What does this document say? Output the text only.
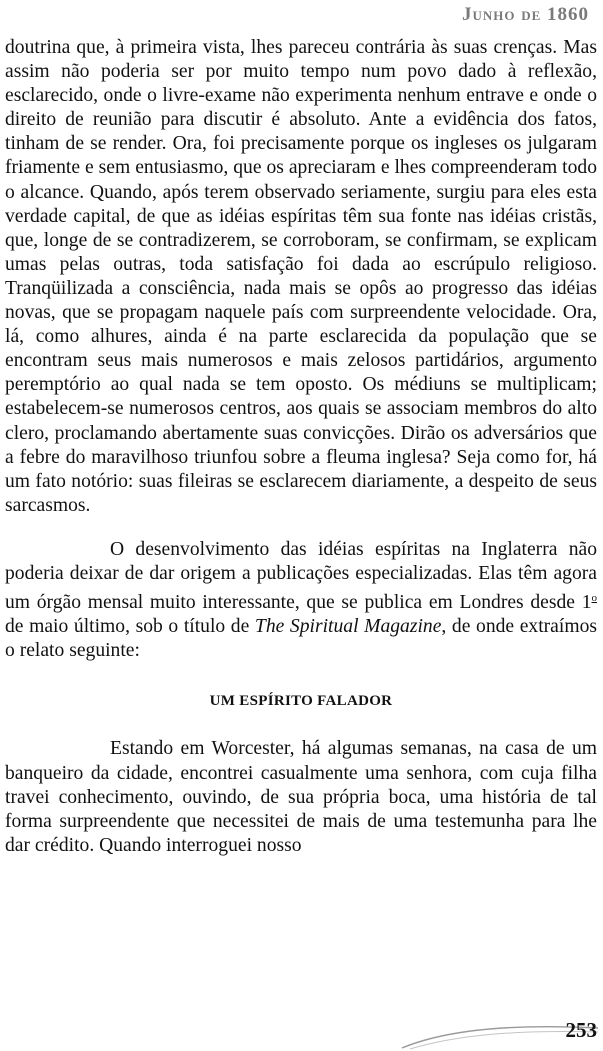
Junho de 1860

doutrina que, à primeira vista, lhes pareceu contrária às suas crenças. Mas assim não poderia ser por muito tempo num povo dado à reflexão, esclarecido, onde o livre-exame não experimenta nenhum entrave e onde o direito de reunião para discutir é absoluto. Ante a evidência dos fatos, tinham de se render. Ora, foi precisamente porque os ingleses os julgaram friamente e sem entusiasmo, que os apreciaram e lhes compreenderam todo o alcance. Quando, após terem observado seriamente, surgiu para eles esta verdade capital, de que as idéias espíritas têm sua fonte nas idéias cristãs, que, longe de se contradizerem, se corroboram, se confirmam, se explicam umas pelas outras, toda satisfação foi dada ao escrúpulo religioso. Tranqüilizada a consciência, nada mais se opôs ao progresso das idéias novas, que se propagam naquele país com surpreendente velocidade. Ora, lá, como alhures, ainda é na parte esclarecida da população que se encontram seus mais numerosos e mais zelosos partidários, argumento peremptório ao qual nada se tem oposto. Os médiuns se multiplicam; estabelecem-se numerosos centros, aos quais se associam membros do alto clero, proclamando abertamente suas convicções. Dirão os adversários que a febre do maravilhoso triunfou sobre a fleuma inglesa? Seja como for, há um fato notório: suas fileiras se esclarecem diariamente, a despeito de seus sarcasmos.

O desenvolvimento das idéias espíritas na Inglaterra não poderia deixar de dar origem a publicações especializadas. Elas têm agora um órgão mensal muito interessante, que se publica em Londres desde 1$^o$ de maio último, sob o título de The Spiritual Magazine, de onde extraímos o relato seguinte:

UM ESPÍRITO FALADOR

Estando em Worcester, há algumas semanas, na casa de um banqueiro da cidade, encontrei casualmente uma senhora, com cuja filha travei conhecimento, ouvindo, de sua própria boca, uma história de tal forma surpreendente que necessitei de mais de uma testemunha para lhe dar crédito. Quando interroguei nosso

253
